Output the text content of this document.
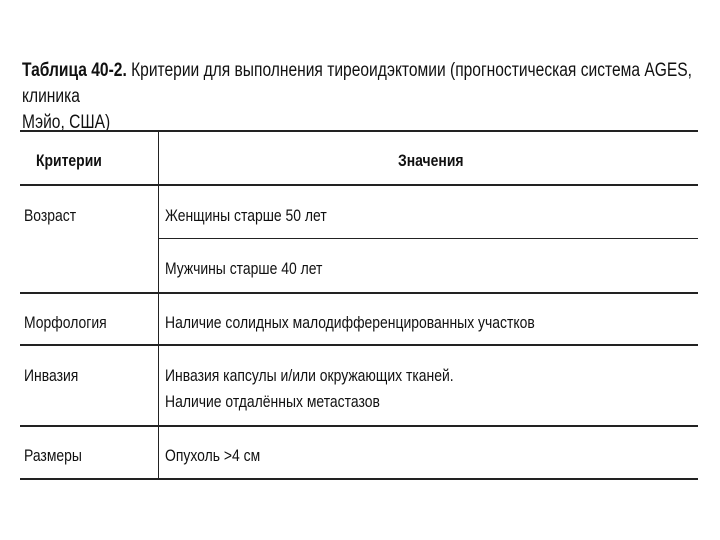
Таблица 40-2. Критерии для выполнения тиреоидэктомии (прогностическая система AGES, клиника
Мэйо, США)
Критерии	Значения
Возраст	Женщины старше 50 лет
Мужчины старше 40 лет
Морфология	Наличие солидных малодифференцированных участков
Инвазия	Инвазия капсулы и/или окружающих тканей.
Наличие отдалённых метастазов
Размеры	Опухоль >4 см
